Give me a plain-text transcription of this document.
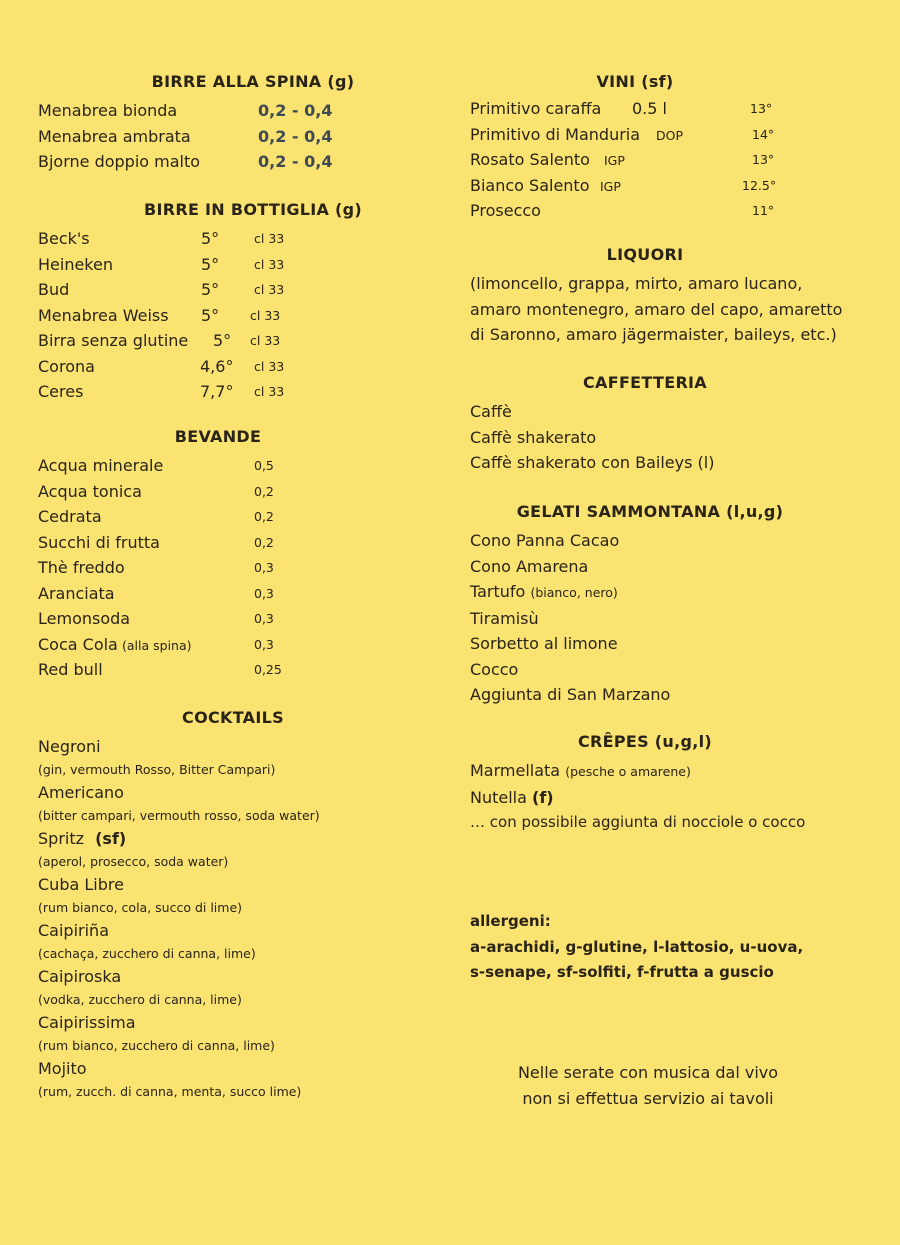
BIRRE ALLA SPINA (g)
Menabrea bionda	0,2 - 0,4
Menabrea ambrata	0,2 - 0,4
Bjorne doppio malto	0,2 - 0,4
BIRRE IN BOTTIGLIA (g)
Beck's	5°	cl 33
Heineken	5°	cl 33
Bud	5°	cl 33
Menabrea Weiss 5° cl 33
Birra senza glutine 5° cl 33
Corona	4,6° cl 33
Ceres	7,7° cl 33
BEVANDE
Acqua minerale	0,5
Acqua tonica	0,2
Cedrata	0,2
Succhi di frutta	0,2
Thè freddo	0,3
Aranciata	0,3
Lemonsoda	0,3
Coca Cola (alla spina)	0,3
Red bull	0,25
COCKTAILS
Negroni
(gin, vermouth Rosso, Bitter Campari)
Americano
(bitter campari, vermouth rosso, soda water)
Spritz (sf)
(aperol, prosecco, soda water)
Cuba Libre
(rum bianco, cola, succo di lime)
Caipiriña
(cachaça, zucchero di canna, lime)
Caipiroska
(vodka, zucchero di canna, lime)
Caipirissima
(rum bianco, zucchero di canna, lime)
Mojito
(rum, zucch. di canna, menta, succo lime)
VINI (sf)
Primitivo caraffa 0.5 l	13°
Primitivo di Manduria DOP	14°
Rosato Salento IGP	13°
Bianco Salento IGP	12.5°
Prosecco	11°
LIQUORI
(limoncello, grappa, mirto, amaro lucano,
amaro montenegro, amaro del capo, amaretto
di Saronno, amaro jägermaister, baileys, etc.)
CAFFETTERIA
Caffè
Caffè shakerato
Caffè shakerato con Baileys (l)
GELATI SAMMONTANA (l,u,g)
Cono Panna Cacao
Cono Amarena
Tartufo (bianco, nero)
Tiramisù
Sorbetto al limone
Cocco
Aggiunta di San Marzano
CRÊPES (u,g,l)
Marmellata (pesche o amarene)
Nutella (f)
… con possibile aggiunta di nocciole o cocco
allergeni:
a-arachidi, g-glutine, l-lattosio, u-uova,
s-senape, sf-solfiti, f-frutta a guscio
Nelle serate con musica dal vivo
non si effettua servizio ai tavoli
